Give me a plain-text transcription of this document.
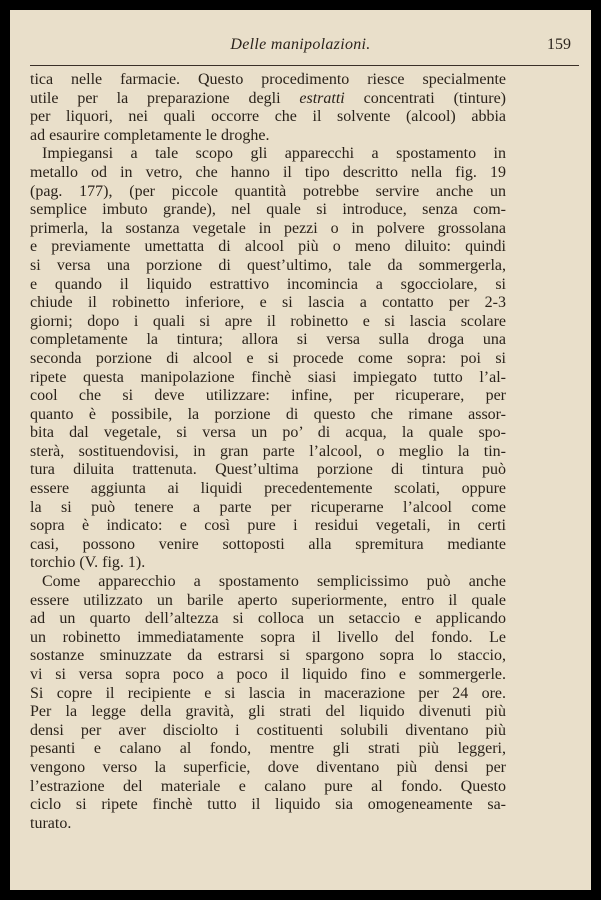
Delle manipolazioni.	159
tica nelle farmacie. Questo procedimento riesce specialmente
utile per la preparazione degli estratti concentrati (tinture)
per liquori, nei quali occorre che il solvente (alcool) abbia
ad esaurire completamente le droghe.
Impiegansi a tale scopo gli apparecchi a spostamento in
metallo od in vetro, che hanno il tipo descritto nella fig. 19
(pag. 177), (per piccole quantità potrebbe servire anche un
semplice imbuto grande), nel quale si introduce, senza com-
primerla, la sostanza vegetale in pezzi o in polvere grossolana
e previamente umettatta di alcool più o meno diluito: quindi
si versa una porzione di quest’ultimo, tale da sommergerla,
e quando il liquido estrattivo incomincia a sgocciolare, si
chiude il robinetto inferiore, e si lascia a contatto per 2-3
giorni; dopo i quali si apre il robinetto e si lascia scolare
completamente la tintura; allora si versa sulla droga una
seconda porzione di alcool e si procede come sopra: poi si
ripete questa manipolazione finchè siasi impiegato tutto l’al-
cool che si deve utilizzare: infine, per ricuperare, per
quanto è possibile, la porzione di questo che rimane assor-
bita dal vegetale, si versa un po’ di acqua, la quale spo-
sterà, sostituendovisi, in gran parte l’alcool, o meglio la tin-
tura diluita trattenuta. Quest’ultima porzione di tintura può
essere aggiunta ai liquidi precedentemente scolati, oppure
la si può tenere a parte per ricuperarne l’alcool come
sopra è indicato: e così pure i residui vegetali, in certi
casi, possono venire sottoposti alla spremitura mediante
torchio (V. fig. 1).
Come apparecchio a spostamento semplicissimo può anche
essere utilizzato un barile aperto superiormente, entro il quale
ad un quarto dell’altezza si colloca un setaccio e applicando
un robinetto immediatamente sopra il livello del fondo. Le
sostanze sminuzzate da estrarsi si spargono sopra lo staccio,
vi si versa sopra poco a poco il liquido fino e sommergerle.
Si copre il recipiente e si lascia in macerazione per 24 ore.
Per la legge della gravità, gli strati del liquido divenuti più
densi per aver disciolto i costituenti solubili diventano più
pesanti e calano al fondo, mentre gli strati più leggeri,
vengono verso la superficie, dove diventano più densi per
l’estrazione del materiale e calano pure al fondo. Questo
ciclo si ripete finchè tutto il liquido sia omogeneamente sa-
turato.
